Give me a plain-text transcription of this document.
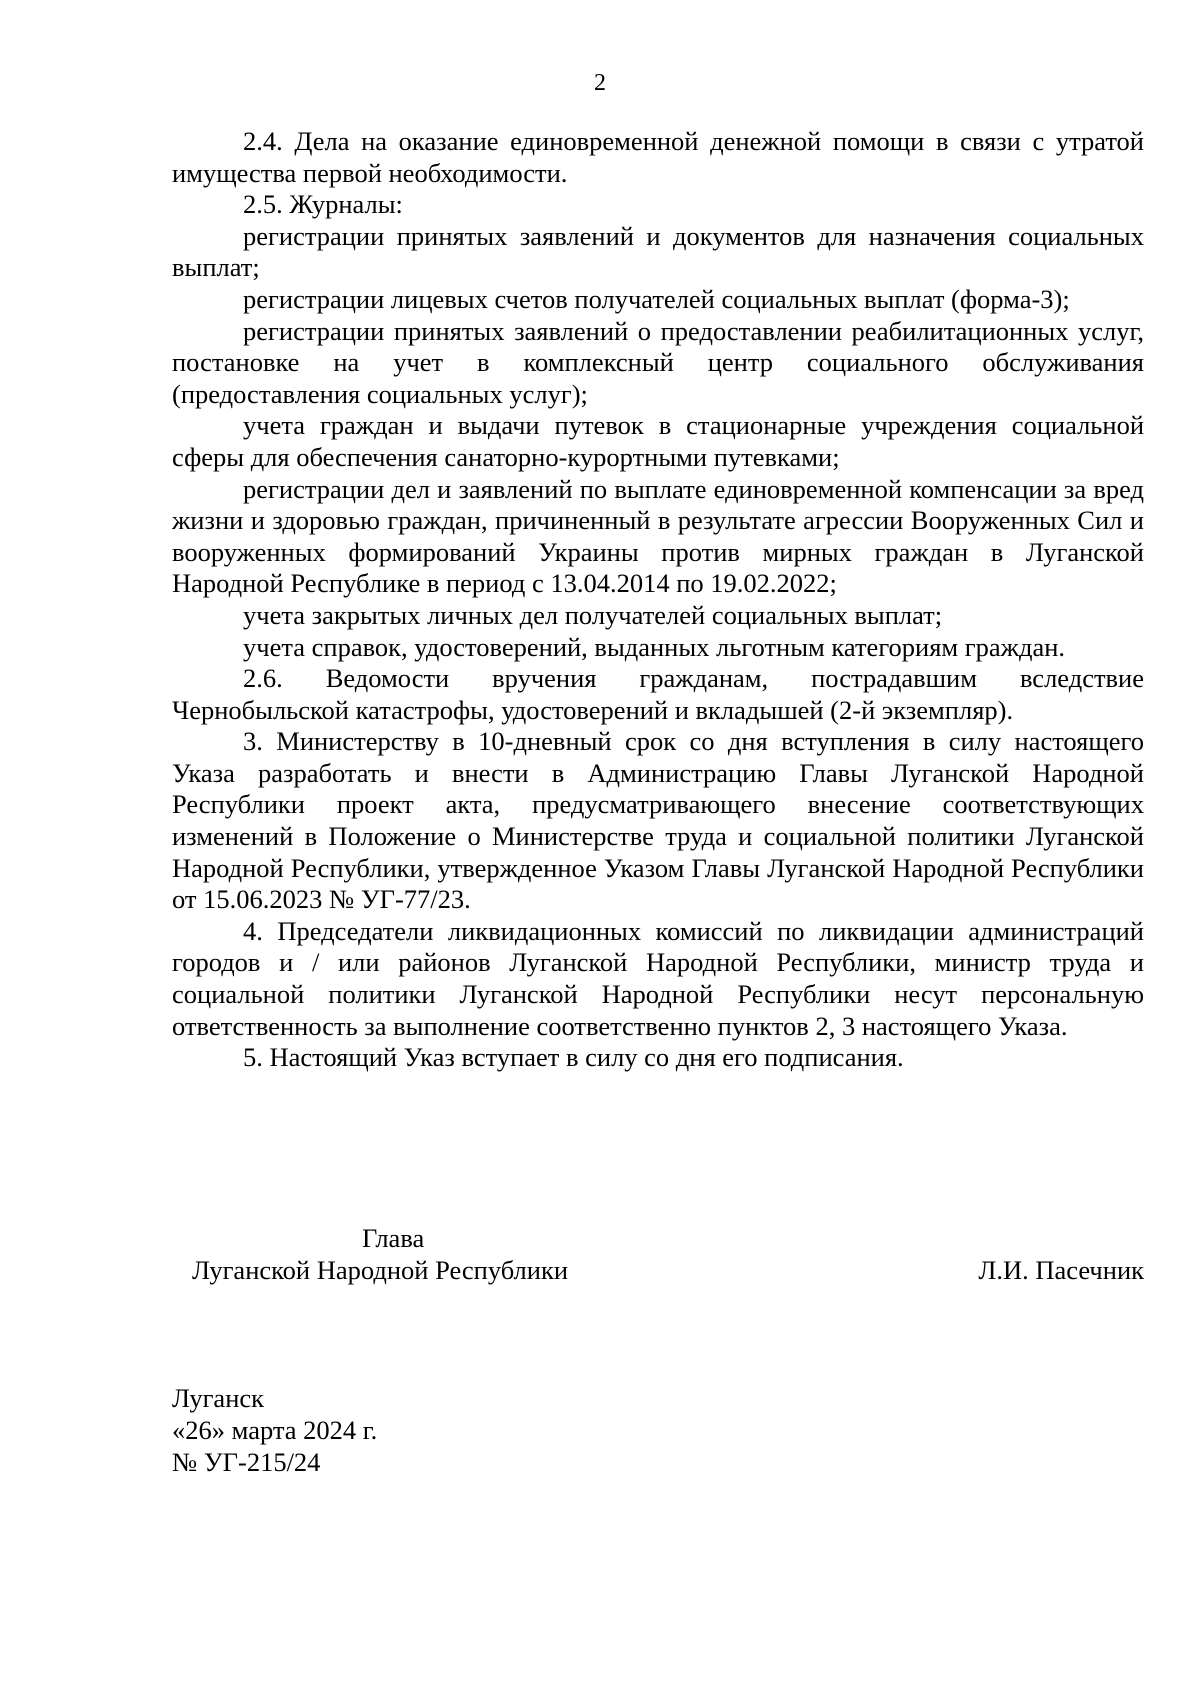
2

2.4. Дела на оказание единовременной денежной помощи в связи с утратой имущества первой необходимости.

2.5. Журналы:

регистрации принятых заявлений и документов для назначения социальных выплат;

регистрации лицевых счетов получателей социальных выплат (форма-3);

регистрации принятых заявлений о предоставлении реабилитационных услуг, постановке на учет в комплексный центр социального обслуживания (предоставления социальных услуг);

учета граждан и выдачи путевок в стационарные учреждения социальной сферы для обеспечения санаторно-курортными путевками;

регистрации дел и заявлений по выплате единовременной компенсации за вред жизни и здоровью граждан, причиненный в результате агрессии Вооруженных Сил и вооруженных формирований Украины против мирных граждан в Луганской Народной Республике в период с 13.04.2014 по 19.02.2022;

учета закрытых личных дел получателей социальных выплат;

учета справок, удостоверений, выданных льготным категориям граждан.

2.6. Ведомости вручения гражданам, пострадавшим вследствие Чернобыльской катастрофы, удостоверений и вкладышей (2-й экземпляр).

3. Министерству в 10-дневный срок со дня вступления в силу настоящего Указа разработать и внести в Администрацию Главы Луганской Народной Республики проект акта, предусматривающего внесение соответствующих изменений в Положение о Министерстве труда и социальной политики Луганской Народной Республики, утвержденное Указом Главы Луганской Народной Республики от 15.06.2023 № УГ-77/23.

4. Председатели ликвидационных комиссий по ликвидации администраций городов и / или районов Луганской Народной Республики, министр труда и социальной политики Луганской Народной Республики несут персональную ответственность за выполнение соответственно пунктов 2, 3 настоящего Указа.

5. Настоящий Указ вступает в силу со дня его подписания.

Глава
Луганской Народной Республики	Л.И. Пасечник
Луганск
«26» марта 2024 г.
№ УГ-215/24
